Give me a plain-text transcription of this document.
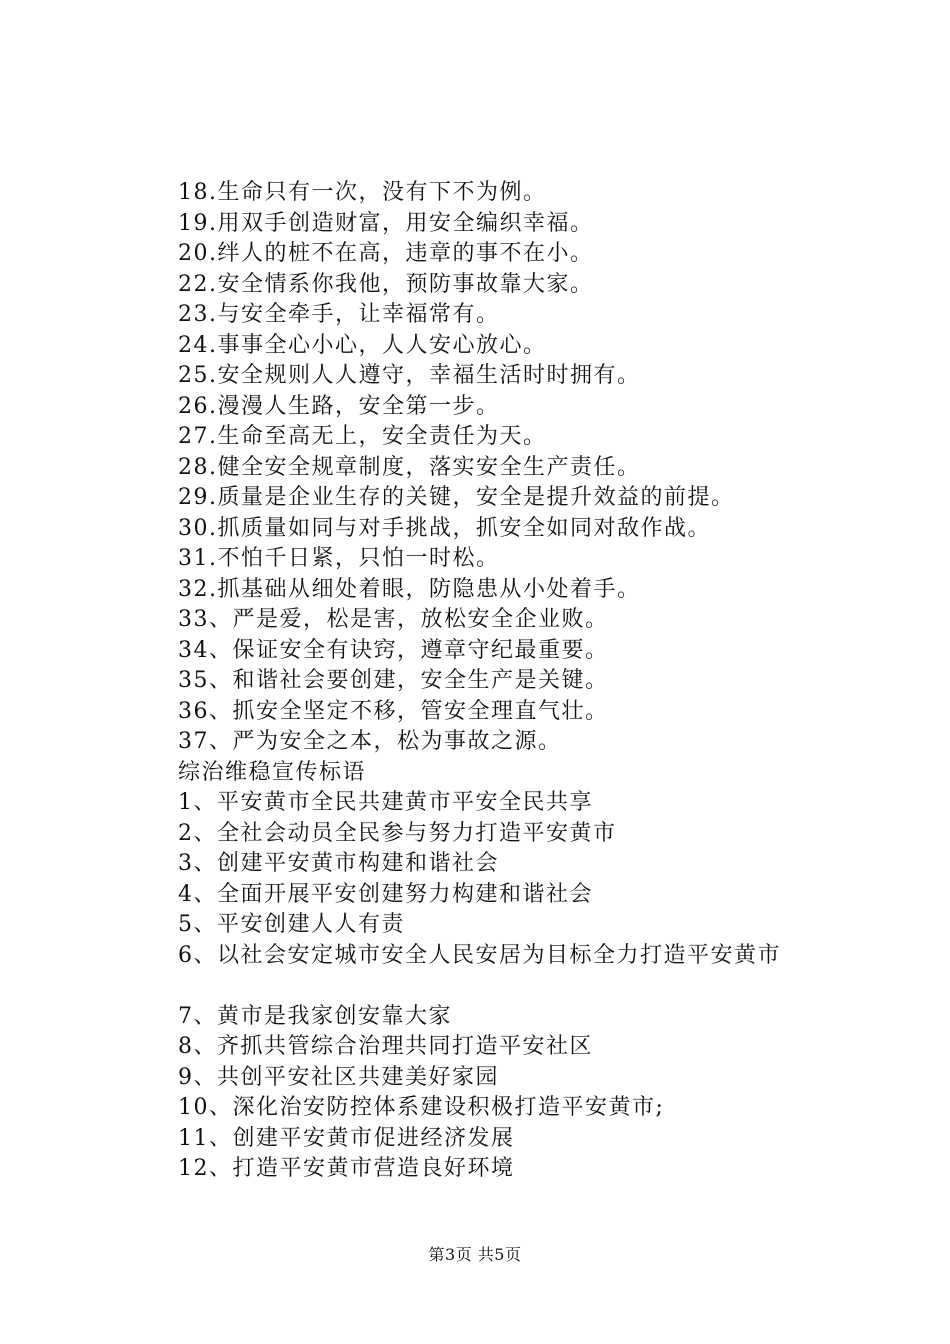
18.生命只有一次，没有下不为例。
19.用双手创造财富，用安全编织幸福。
20.绊人的桩不在高，违章的事不在小。
22.安全情系你我他，预防事故靠大家。
23.与安全牵手，让幸福常有。
24.事事全心小心，人人安心放心。
25.安全规则人人遵守，幸福生活时时拥有。
26.漫漫人生路，安全第一步。
27.生命至高无上，安全责任为天。
28.健全安全规章制度，落实安全生产责任。
29.质量是企业生存的关键，安全是提升效益的前提。
30.抓质量如同与对手挑战，抓安全如同对敌作战。
31.不怕千日紧，只怕一时松。
32.抓基础从细处着眼，防隐患从小处着手。
33、严是爱，松是害，放松安全企业败。
34、保证安全有诀窍，遵章守纪最重要。
35、和谐社会要创建，安全生产是关键。
36、抓安全坚定不移，管安全理直气壮。
37、严为安全之本，松为事故之源。
综治维稳宣传标语
1、平安黄市全民共建黄市平安全民共享
2、全社会动员全民参与努力打造平安黄市
3、创建平安黄市构建和谐社会
4、全面开展平安创建努力构建和谐社会
5、平安创建人人有责
6、以社会安定城市安全人民安居为目标全力打造平安黄市
7、黄市是我家创安靠大家
8、齐抓共管综合治理共同打造平安社区
9、共创平安社区共建美好家园
10、深化治安防控体系建设积极打造平安黄市;
11、创建平安黄市促进经济发展
12、打造平安黄市营造良好环境
第3页 共5页
